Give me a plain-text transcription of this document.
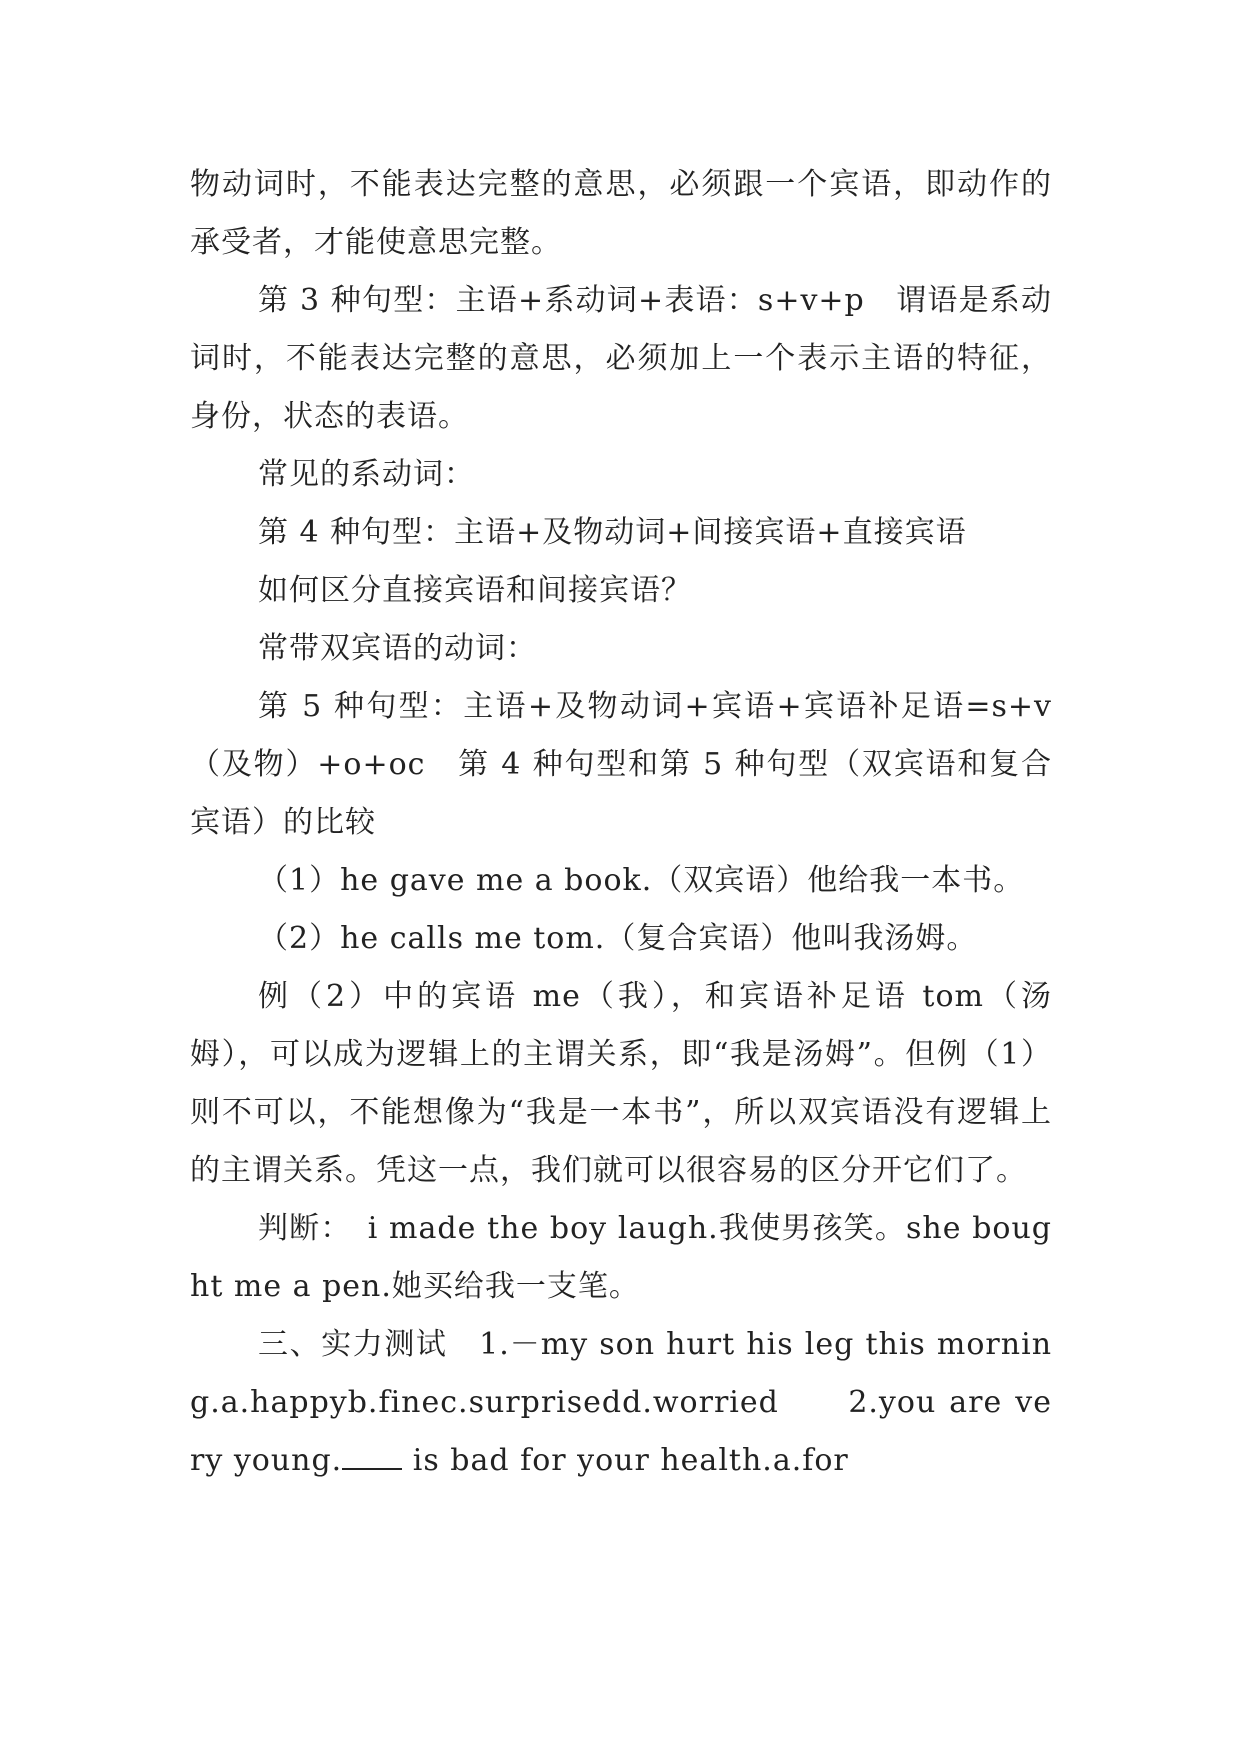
物动词时，不能表达完整的意思，必须跟一个宾语，即动作的承受者，才能使意思完整。

第 3 种句型：主语+系动词+表语：s+v+p　谓语是系动词时，不能表达完整的意思，必须加上一个表示主语的特征，身份，状态的表语。

常见的系动词：

第 4 种句型：主语+及物动词+间接宾语+直接宾语

如何区分直接宾语和间接宾语？

常带双宾语的动词：

第 5 种句型：主语+及物动词+宾语+宾语补足语=s+v（及物）+o+oc　第 4 种句型和第 5 种句型（双宾语和复合宾语）的比较

（1）he gave me a book.（双宾语）他给我一本书。

（2）he calls me tom.（复合宾语）他叫我汤姆。

例（2）中的宾语 me（我），和宾语补足语 tom（汤姆），可以成为逻辑上的主谓关系，即“我是汤姆”。但例（1）则不可以，不能想像为“我是一本书”，所以双宾语没有逻辑上的主谓关系。凭这一点，我们就可以很容易的区分开它们了。

判断：　i made the boy laugh.我使男孩笑。she bought me a pen.她买给我一支笔。

三、实力测试　 1.－my son hurt his leg this morning.a.happyb.finec.surprisedd.worried　　 2.you are very young. is bad for your health.a.for
